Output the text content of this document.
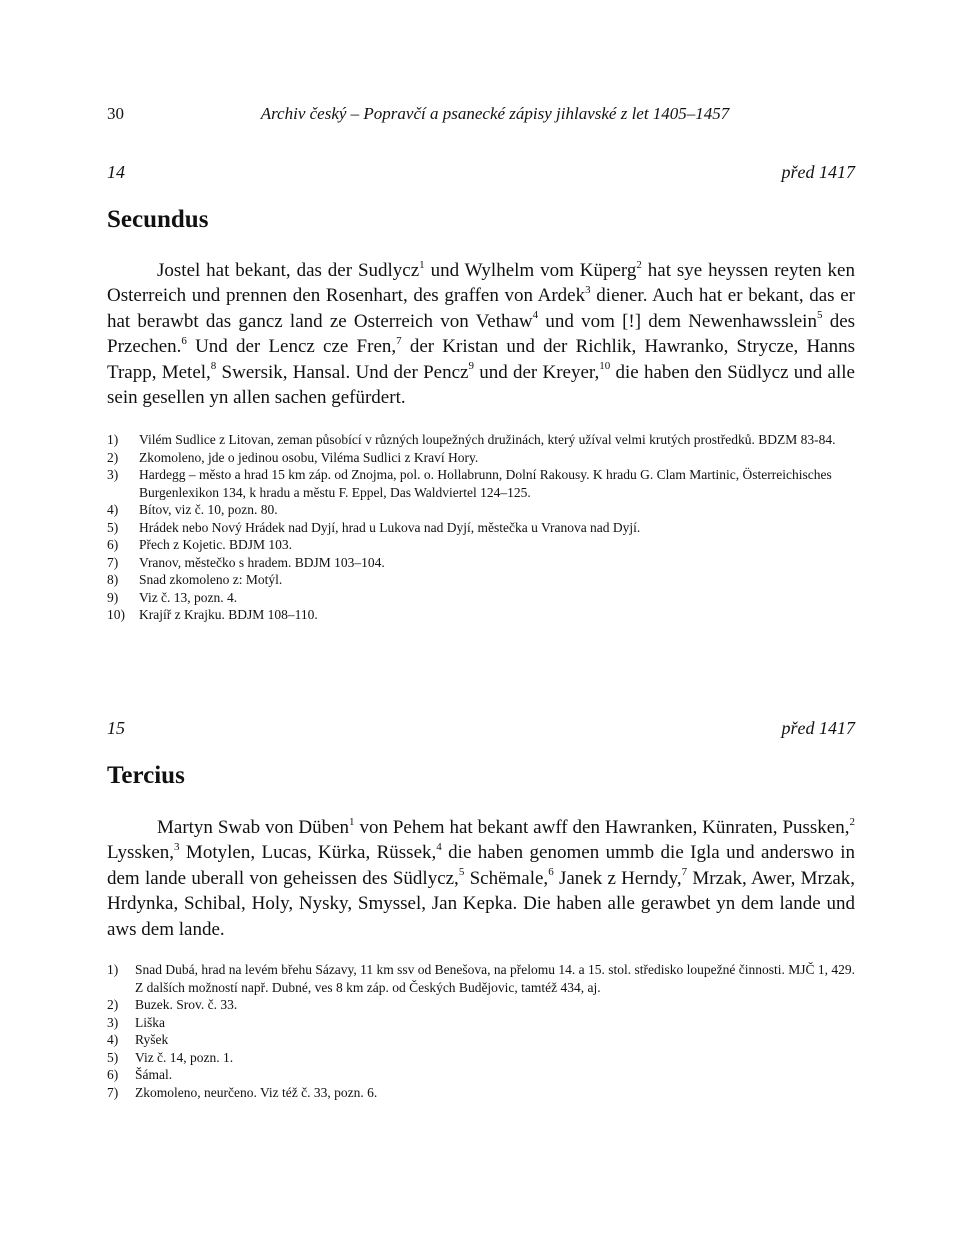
30	Archiv český – Popravčí a psanecké zápisy jihlavské z let 1405–1457
14	před 1417
Secundus

Jostel hat bekant, das der Sudlycz$^1$ und Wylhelm vom Küperg$^2$ hat sye heyssen reyten ken Osterreich und prennen den Rosenhart, des graffen von Ardek$^3$ diener. Auch hat er bekant, das er hat berawbt das gancz land ze Osterreich von Vethaw$^4$ und vom [!] dem Newenhawsslein$^5$ des Przechen.$^6$ Und der Lencz cze Fren,$^7$ der Kristan und der Richlik, Hawranko, Strycze, Hanns Trapp, Metel,$^8$ Swersik, Hansal. Und der Pencz$^9$ und der Kreyer,$^{10}$ die haben den Südlycz und alle sein gesellen yn allen sachen gefürdert.

1) Vilém Sudlice z Litovan, zeman působící v různých loupežných družinách, který užíval velmi krutých prostředků. BDZM 83-84.
2) Zkomoleno, jde o jedinou osobu, Viléma Sudlici z Kraví Hory.
3) Hardegg – město a hrad 15 km záp. od Znojma, pol. o. Hollabrunn, Dolní Rakousy. K hradu G. Clam Martinic, Österreichisches Burgenlexikon 134, k hradu a městu F. Eppel, Das Waldviertel 124–125.
4) Bítov, viz č. 10, pozn. 80.
5) Hrádek nebo Nový Hrádek nad Dyjí, hrad u Lukova nad Dyjí, městečka u Vranova nad Dyjí.
6) Přech z Kojetic. BDJM 103.
7) Vranov, městečko s hradem. BDJM 103–104.
8) Snad zkomoleno z: Motýl.
9) Viz č. 13, pozn. 4.
10) Krajíř z Krajku. BDJM 108–110.
15	před 1417
Tercius

Martyn Swab von Düben$^1$ von Pehem hat bekant awff den Hawranken, Künraten, Pussken,$^2$ Lyssken,$^3$ Motylen, Lucas, Kürka, Rüssek,$^4$ die haben genomen ummb die Igla und anderswo in dem lande uberall von geheissen des Südlycz,$^5$ Schëmale,$^6$ Janek z Herndy,$^7$ Mrzak, Awer, Mrzak, Hrdynka, Schibal, Holy, Nysky, Smyssel, Jan Kepka. Die haben alle gerawbet yn dem lande und aws dem lande.

1) Snad Dubá, hrad na levém břehu Sázavy, 11 km ssv od Benešova, na přelomu 14. a 15. stol. středisko loupežné činnosti. MJČ 1, 429. Z dalších možností např. Dubné, ves 8 km záp. od Českých Budějovic, tamtéž 434, aj.
2) Buzek. Srov. č. 33.
3) Liška
4) Ryšek
5) Viz č. 14, pozn. 1.
6) Šámal.
7) Zkomoleno, neurčeno. Viz též č. 33, pozn. 6.
